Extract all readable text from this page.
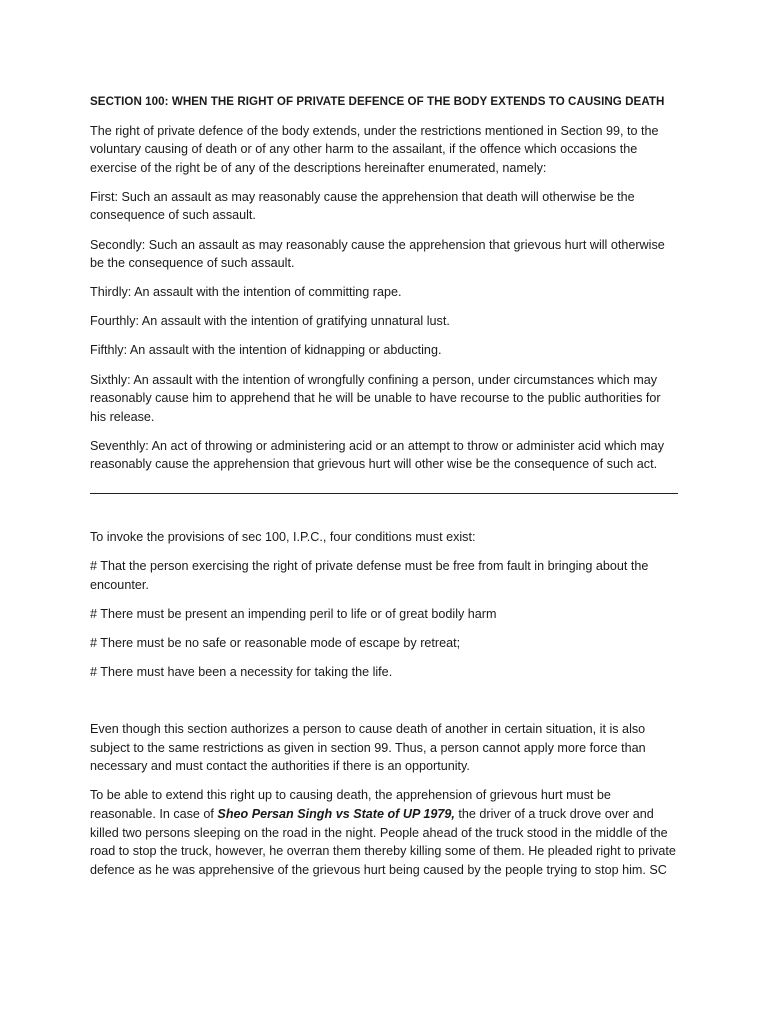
SECTION 100: WHEN THE RIGHT OF PRIVATE DEFENCE OF THE BODY EXTENDS TO CAUSING DEATH

The right of private defence of the body extends, under the restrictions mentioned in Section 99, to the voluntary causing of death or of any other harm to the assailant, if the offence which occasions the exercise of the right be of any of the descriptions hereinafter enumerated, namely:

First: Such an assault as may reasonably cause the apprehension that death will otherwise be the consequence of such assault.

Secondly: Such an assault as may reasonably cause the apprehension that grievous hurt will otherwise be the consequence of such assault.

Thirdly: An assault with the intention of committing rape.

Fourthly: An assault with the intention of gratifying unnatural lust.

Fifthly: An assault with the intention of kidnapping or abducting.

Sixthly: An assault with the intention of wrongfully confining a person, under circumstances which may reasonably cause him to apprehend that he will be unable to have recourse to the public authorities for his release.

Seventhly: An act of throwing or administering acid or an attempt to throw or administer acid which may reasonably cause the apprehension that grievous hurt will other wise be the consequence of such act.

To invoke the provisions of sec 100, I.P.C., four conditions must exist:

# That the person exercising the right of private defense must be free from fault in bringing about the encounter.

# There must be present an impending peril to life or of great bodily harm

# There must be no safe or reasonable mode of escape by retreat;

# There must have been a necessity for taking the life.

Even though this section authorizes a person to cause death of another in certain situation, it is also subject to the same restrictions as given in section 99. Thus, a person cannot apply more force than necessary and must contact the authorities if there is an opportunity.

To be able to extend this right up to causing death, the apprehension of grievous hurt must be reasonable. In case of Sheo Persan Singh vs State of UP 1979, the driver of a truck drove over and killed two persons sleeping on the road in the night. People ahead of the truck stood in the middle of the road to stop the truck, however, he overran them thereby killing some of them. He pleaded right to private defence as he was apprehensive of the grievous hurt being caused by the people trying to stop him. SC
